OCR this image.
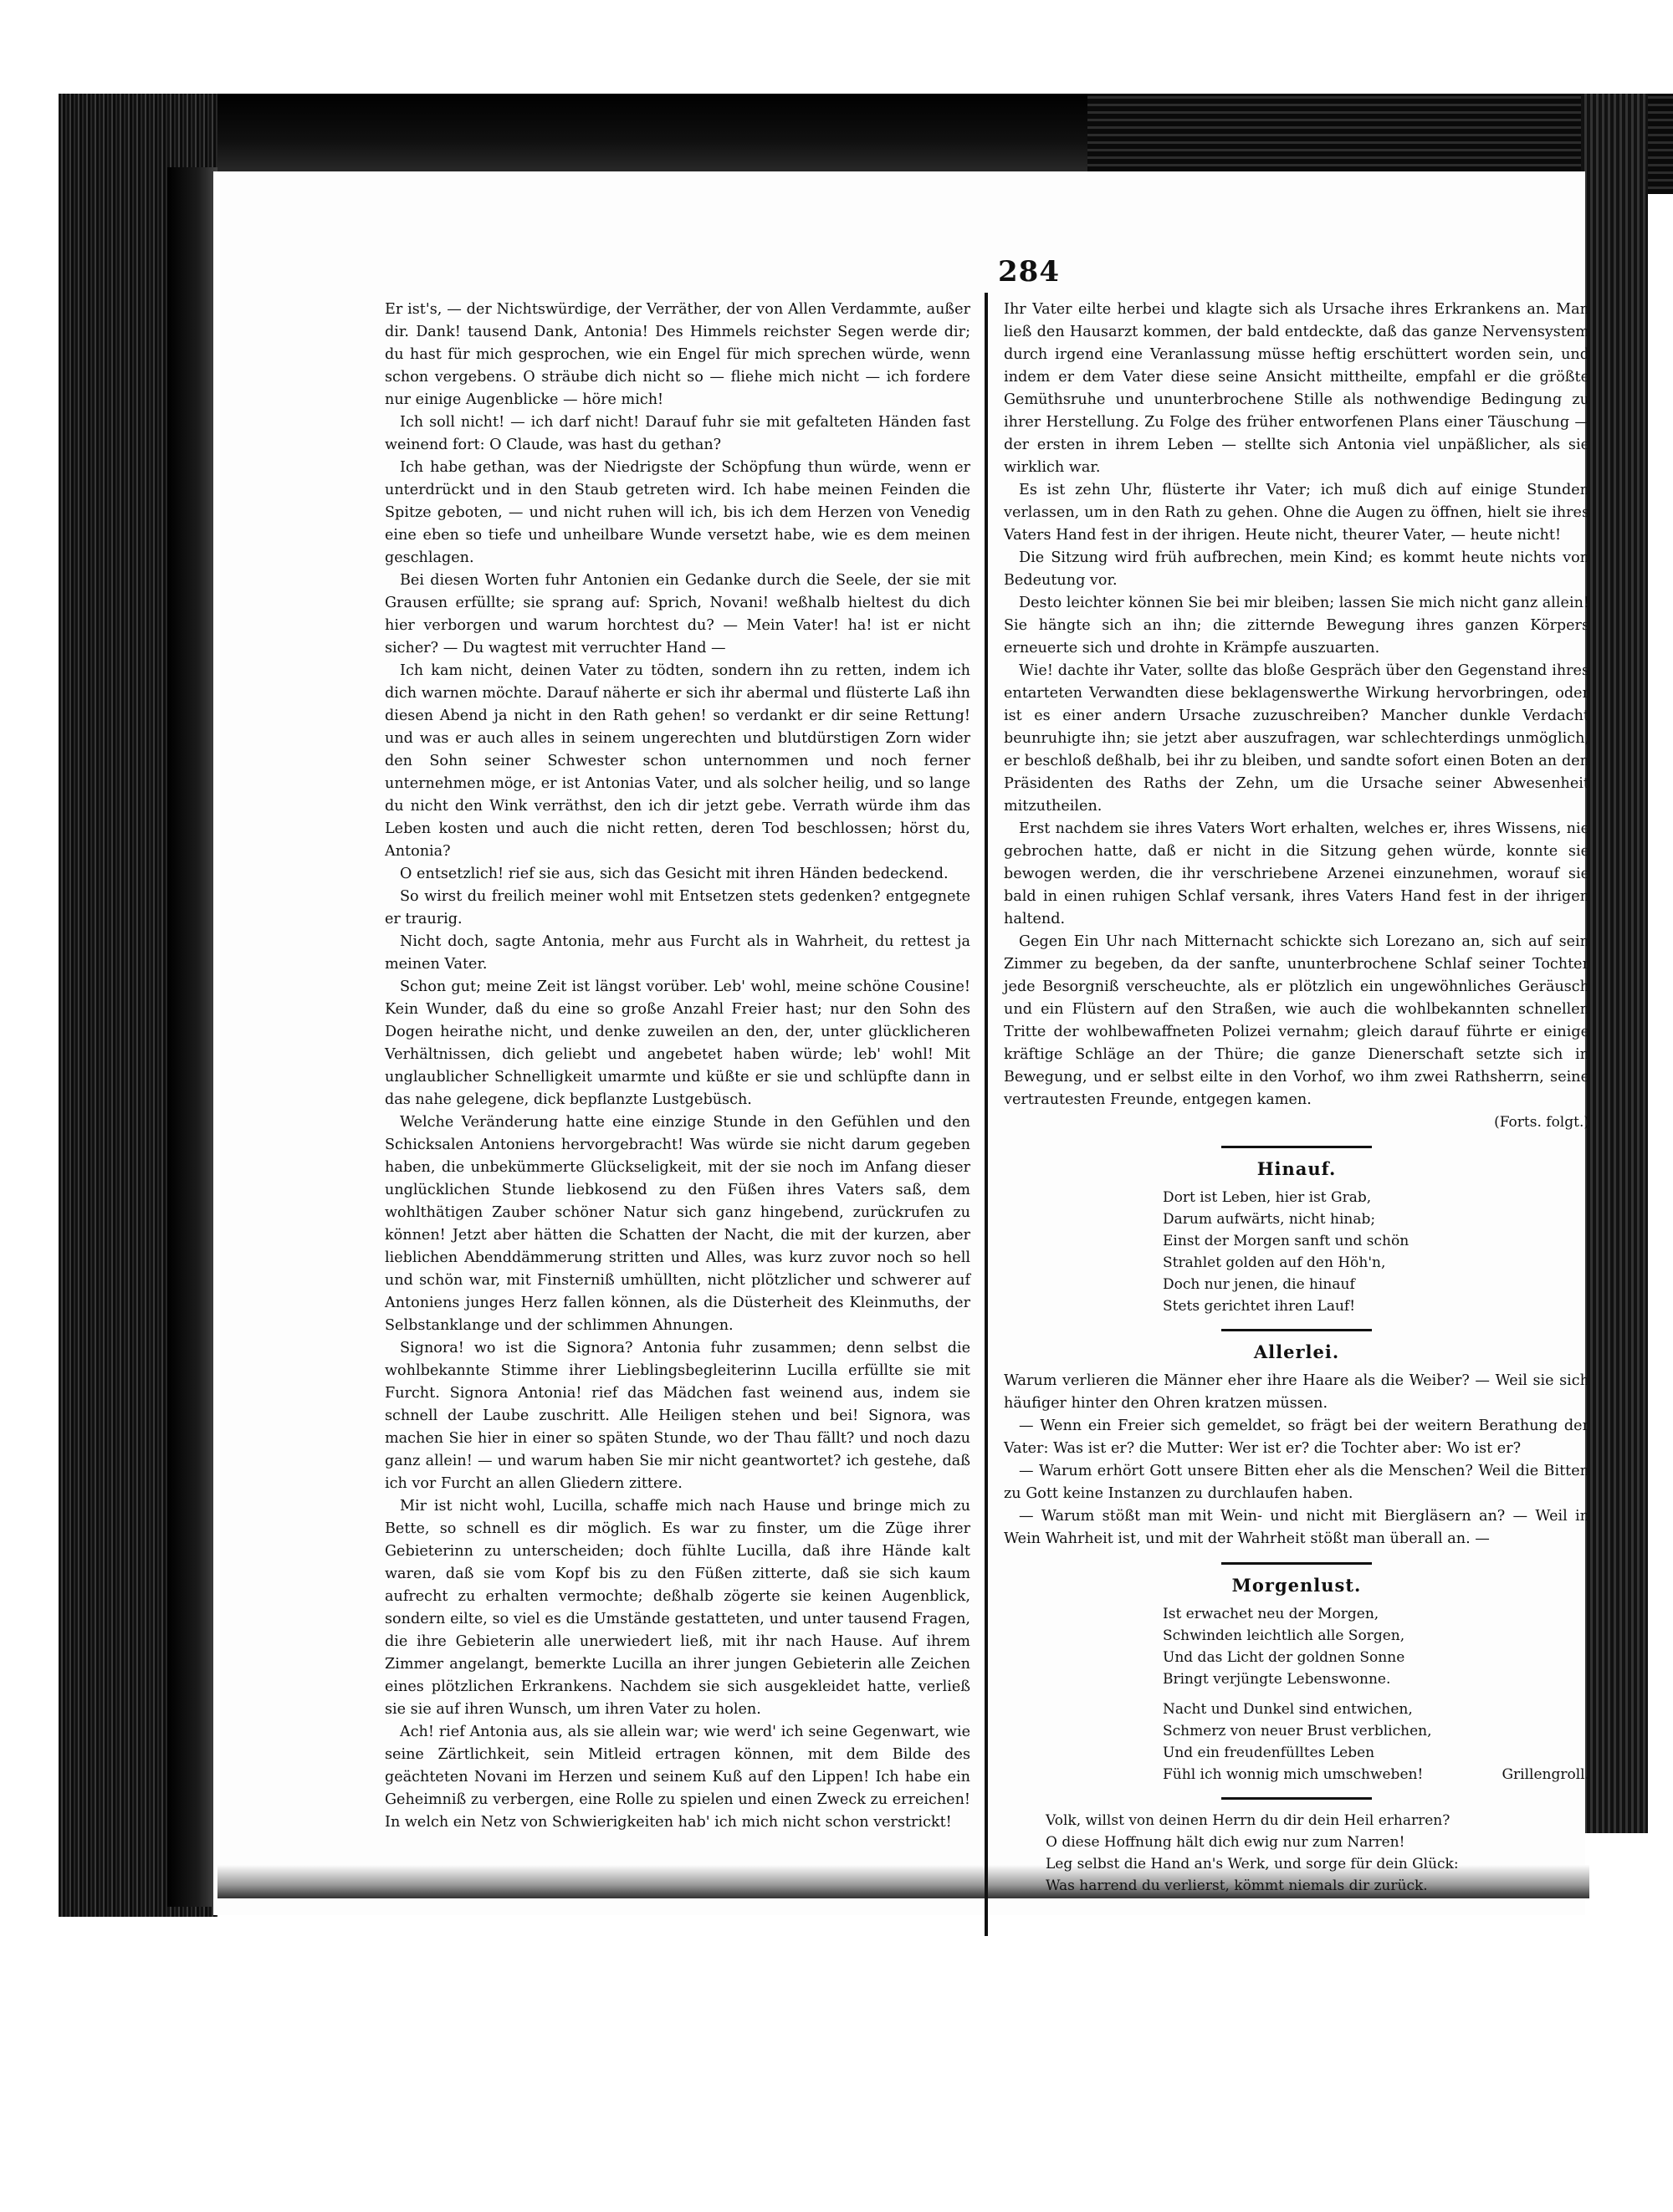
284

Er ist's, — der Nichtswürdige, der Verräther, der von Allen Verdammte, außer dir. Dank! tausend Dank, Antonia! Des Himmels reichster Segen werde dir; du hast für mich gesprochen, wie ein Engel für mich sprechen würde, wenn schon vergebens. O sträube dich nicht so — fliehe mich nicht — ich fordere nur einige Augenblicke — höre mich!

Ich soll nicht! — ich darf nicht! Darauf fuhr sie mit gefalteten Händen fast weinend fort: O Claude, was hast du gethan?

Ich habe gethan, was der Niedrigste der Schöpfung thun würde, wenn er unterdrückt und in den Staub getreten wird. Ich habe meinen Feinden die Spitze geboten, — und nicht ruhen will ich, bis ich dem Herzen von Venedig eine eben so tiefe und unheilbare Wunde versetzt habe, wie es dem meinen geschlagen.

Bei diesen Worten fuhr Antonien ein Gedanke durch die Seele, der sie mit Grausen erfüllte; sie sprang auf: Sprich, Novani! weßhalb hieltest du dich hier verborgen und warum horchtest du? — Mein Vater! ha! ist er nicht sicher? — Du wagtest mit verruchter Hand —

Ich kam nicht, deinen Vater zu tödten, sondern ihn zu retten, indem ich dich warnen möchte. Darauf näherte er sich ihr abermal und flüsterte Laß ihn diesen Abend ja nicht in den Rath gehen! so verdankt er dir seine Rettung! und was er auch alles in seinem ungerechten und blutdürstigen Zorn wider den Sohn seiner Schwester schon unternommen und noch ferner unternehmen möge, er ist Antonias Vater, und als solcher heilig, und so lange du nicht den Wink verräthst, den ich dir jetzt gebe. Verrath würde ihm das Leben kosten und auch die nicht retten, deren Tod beschlossen; hörst du, Antonia?

O entsetzlich! rief sie aus, sich das Gesicht mit ihren Händen bedeckend.

So wirst du freilich meiner wohl mit Entsetzen stets gedenken? entgegnete er traurig.

Nicht doch, sagte Antonia, mehr aus Furcht als in Wahrheit, du rettest ja meinen Vater.

Schon gut; meine Zeit ist längst vorüber. Leb' wohl, meine schöne Cousine! Kein Wunder, daß du eine so große Anzahl Freier hast; nur den Sohn des Dogen heirathe nicht, und denke zuweilen an den, der, unter glücklicheren Verhältnissen, dich geliebt und angebetet haben würde; leb' wohl! Mit unglaublicher Schnelligkeit umarmte und küßte er sie und schlüpfte dann in das nahe gelegene, dick bepflanzte Lustgebüsch.

Welche Veränderung hatte eine einzige Stunde in den Gefühlen und den Schicksalen Antoniens hervorgebracht! Was würde sie nicht darum gegeben haben, die unbekümmerte Glückseligkeit, mit der sie noch im Anfang dieser unglücklichen Stunde liebkosend zu den Füßen ihres Vaters saß, dem wohlthätigen Zauber schöner Natur sich ganz hingebend, zurückrufen zu können! Jetzt aber hätten die Schatten der Nacht, die mit der kurzen, aber lieblichen Abenddämmerung stritten und Alles, was kurz zuvor noch so hell und schön war, mit Finsterniß umhüllten, nicht plötzlicher und schwerer auf Antoniens junges Herz fallen können, als die Düsterheit des Kleinmuths, der Selbstanklange und der schlimmen Ahnungen.

Signora! wo ist die Signora? Antonia fuhr zusammen; denn selbst die wohlbekannte Stimme ihrer Lieblingsbegleiterinn Lucilla erfüllte sie mit Furcht. Signora Antonia! rief das Mädchen fast weinend aus, indem sie schnell der Laube zuschritt. Alle Heiligen stehen und bei! Signora, was machen Sie hier in einer so späten Stunde, wo der Thau fällt? und noch dazu ganz allein! — und warum haben Sie mir nicht geantwortet? ich gestehe, daß ich vor Furcht an allen Gliedern zittere.

Mir ist nicht wohl, Lucilla, schaffe mich nach Hause und bringe mich zu Bette, so schnell es dir möglich. Es war zu finster, um die Züge ihrer Gebieterinn zu unterscheiden; doch fühlte Lucilla, daß ihre Hände kalt waren, daß sie vom Kopf bis zu den Füßen zitterte, daß sie sich kaum aufrecht zu erhalten vermochte; deßhalb zögerte sie keinen Augenblick, sondern eilte, so viel es die Umstände gestatteten, und unter tausend Fragen, die ihre Gebieterin alle unerwiedert ließ, mit ihr nach Hause. Auf ihrem Zimmer angelangt, bemerkte Lucilla an ihrer jungen Gebieterin alle Zeichen eines plötzlichen Erkrankens. Nachdem sie sich ausgekleidet hatte, verließ sie sie auf ihren Wunsch, um ihren Vater zu holen.

Ach! rief Antonia aus, als sie allein war; wie werd' ich seine Gegenwart, wie seine Zärtlichkeit, sein Mitleid ertragen können, mit dem Bilde des geächteten Novani im Herzen und seinem Kuß auf den Lippen! Ich habe ein Geheimniß zu verbergen, eine Rolle zu spielen und einen Zweck zu erreichen! In welch ein Netz von Schwierigkeiten hab' ich mich nicht schon verstrickt!

Ihr Vater eilte herbei und klagte sich als Ursache ihres Erkrankens an. Man ließ den Hausarzt kommen, der bald entdeckte, daß das ganze Nervensystem durch irgend eine Veranlassung müsse heftig erschüttert worden sein, und indem er dem Vater diese seine Ansicht mittheilte, empfahl er die größte Gemüthsruhe und ununterbrochene Stille als nothwendige Bedingung zu ihrer Herstellung. Zu Folge des früher entworfenen Plans einer Täuschung — der ersten in ihrem Leben — stellte sich Antonia viel unpäßlicher, als sie wirklich war.

Es ist zehn Uhr, flüsterte ihr Vater; ich muß dich auf einige Stunden verlassen, um in den Rath zu gehen. Ohne die Augen zu öffnen, hielt sie ihres Vaters Hand fest in der ihrigen. Heute nicht, theurer Vater, — heute nicht!

Die Sitzung wird früh aufbrechen, mein Kind; es kommt heute nichts von Bedeutung vor.

Desto leichter können Sie bei mir bleiben; lassen Sie mich nicht ganz allein! Sie hängte sich an ihn; die zitternde Bewegung ihres ganzen Körpers erneuerte sich und drohte in Krämpfe auszuarten.

Wie! dachte ihr Vater, sollte das bloße Gespräch über den Gegenstand ihres entarteten Verwandten diese beklagenswerthe Wirkung hervorbringen, oder ist es einer andern Ursache zuzuschreiben? Mancher dunkle Verdacht beunruhigte ihn; sie jetzt aber auszufragen, war schlechterdings unmöglich, er beschloß deßhalb, bei ihr zu bleiben, und sandte sofort einen Boten an den Präsidenten des Raths der Zehn, um die Ursache seiner Abwesenheit mitzutheilen.

Erst nachdem sie ihres Vaters Wort erhalten, welches er, ihres Wissens, nie gebrochen hatte, daß er nicht in die Sitzung gehen würde, konnte sie bewogen werden, die ihr verschriebene Arzenei einzunehmen, worauf sie bald in einen ruhigen Schlaf versank, ihres Vaters Hand fest in der ihrigen haltend.

Gegen Ein Uhr nach Mitternacht schickte sich Lorezano an, sich auf sein Zimmer zu begeben, da der sanfte, ununterbrochene Schlaf seiner Tochter jede Besorgniß verscheuchte, als er plötzlich ein ungewöhnliches Geräusch und ein Flüstern auf den Straßen, wie auch die wohlbekannten schnellen Tritte der wohlbewaffneten Polizei vernahm; gleich darauf führte er einige kräftige Schläge an der Thüre; die ganze Dienerschaft setzte sich in Bewegung, und er selbst eilte in den Vorhof, wo ihm zwei Rathsherrn, seine vertrautesten Freunde, entgegen kamen.

(Forts. folgt.)
Hinauf.
Dort ist Leben, hier ist Grab,
Darum aufwärts, nicht hinab;
Einst der Morgen sanft und schön
Strahlet golden auf den Höh'n,
Doch nur jenen, die hinauf
Stets gerichtet ihren Lauf!
Allerlei.

Warum verlieren die Männer eher ihre Haare als die Weiber? — Weil sie sich häufiger hinter den Ohren kratzen müssen.

— Wenn ein Freier sich gemeldet, so frägt bei der weitern Berathung der Vater: Was ist er? die Mutter: Wer ist er? die Tochter aber: Wo ist er?

— Warum erhört Gott unsere Bitten eher als die Menschen? Weil die Bitten zu Gott keine Instanzen zu durchlaufen haben.

— Warum stößt man mit Wein- und nicht mit Biergläsern an? — Weil in Wein Wahrheit ist, und mit der Wahrheit stößt man überall an. —

Morgenlust.
Ist erwachet neu der Morgen,
Schwinden leichtlich alle Sorgen,
Und das Licht der goldnen Sonne
Bringt verjüngte Lebenswonne.
Nacht und Dunkel sind entwichen,
Schmerz von neuer Brust verblichen,
Und ein freudenfülltes Leben
Fühl ich wonnig mich umschweben!	Grillengroll.
Volk, willst von deinen Herrn du dir dein Heil erharren?
O diese Hoffnung hält dich ewig nur zum Narren!
Leg selbst die Hand an's Werk, und sorge für dein Glück:
Was harrend du verlierst, kömmt niemals dir zurück.
